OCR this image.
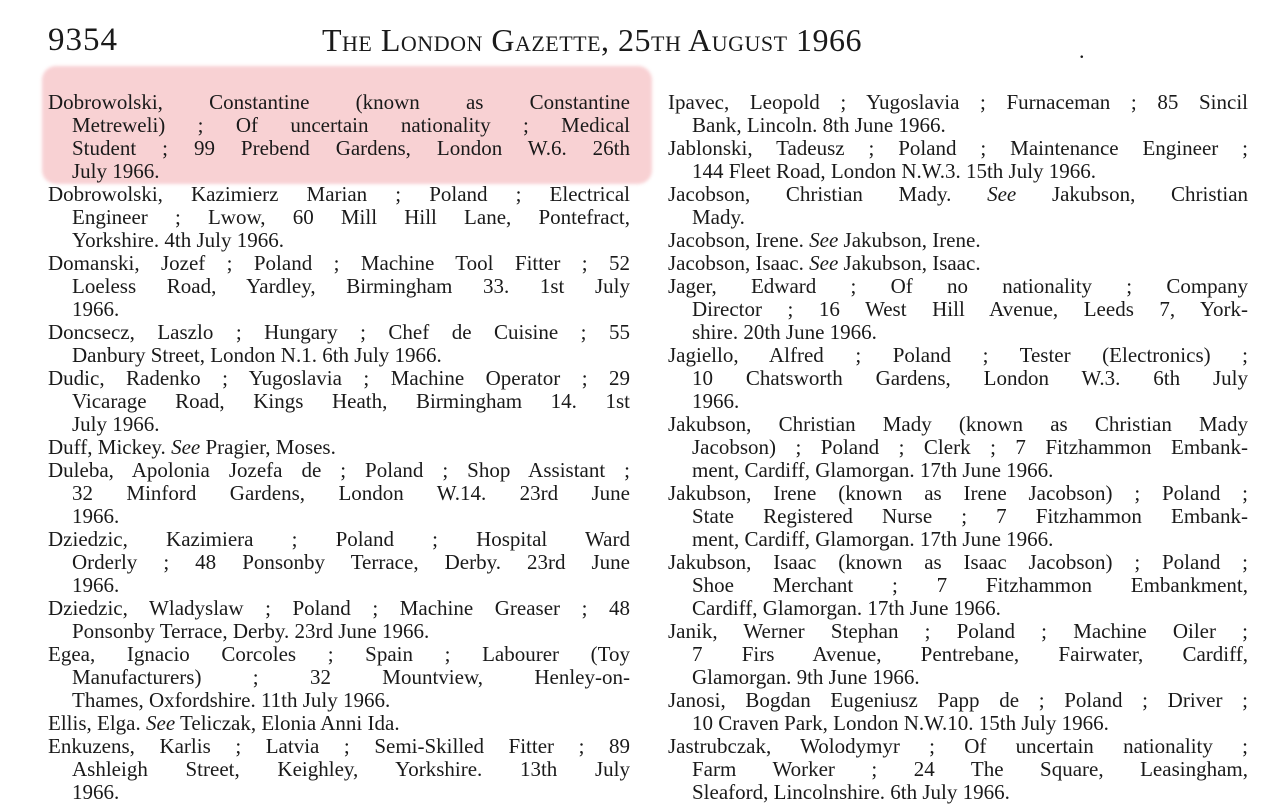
9354	The London Gazette, 25th August 1966	.
Dobrowolski, Constantine (known as Constantine
Metreweli) ; Of uncertain nationality ; Medical
Student ; 99 Prebend Gardens, London W.6. 26th
July 1966.
Dobrowolski, Kazimierz Marian ; Poland ; Electrical
Engineer ; Lwow, 60 Mill Hill Lane, Pontefract,
Yorkshire. 4th July 1966.
Domanski, Jozef ; Poland ; Machine Tool Fitter ; 52
Loeless Road, Yardley, Birmingham 33. 1st July
1966.
Doncsecz, Laszlo ; Hungary ; Chef de Cuisine ; 55
Danbury Street, London N.1. 6th July 1966.
Dudic, Radenko ; Yugoslavia ; Machine Operator ; 29
Vicarage Road, Kings Heath, Birmingham 14. 1st
July 1966.
Duff, Mickey. See Pragier, Moses.
Duleba, Apolonia Jozefa de ; Poland ; Shop Assistant ;
32 Minford Gardens, London W.14. 23rd June
1966.
Dziedzic, Kazimiera ; Poland ; Hospital Ward
Orderly ; 48 Ponsonby Terrace, Derby. 23rd June
1966.
Dziedzic, Wladyslaw ; Poland ; Machine Greaser ; 48
Ponsonby Terrace, Derby. 23rd June 1966.
Egea, Ignacio Corcoles ; Spain ; Labourer (Toy
Manufacturers) ; 32 Mountview, Henley-on-
Thames, Oxfordshire. 11th July 1966.
Ellis, Elga. See Teliczak, Elonia Anni Ida.
Enkuzens, Karlis ; Latvia ; Semi-Skilled Fitter ; 89
Ashleigh Street, Keighley, Yorkshire. 13th July
1966.
Ipavec, Leopold ; Yugoslavia ; Furnaceman ; 85 Sincil
Bank, Lincoln. 8th June 1966.
Jablonski, Tadeusz ; Poland ; Maintenance Engineer ;
144 Fleet Road, London N.W.3. 15th July 1966.
Jacobson, Christian Mady. See Jakubson, Christian
Mady.
Jacobson, Irene. See Jakubson, Irene.
Jacobson, Isaac. See Jakubson, Isaac.
Jager, Edward ; Of no nationality ; Company
Director ; 16 West Hill Avenue, Leeds 7, York-
shire. 20th June 1966.
Jagiello, Alfred ; Poland ; Tester (Electronics) ;
10 Chatsworth Gardens, London W.3. 6th July
1966.
Jakubson, Christian Mady (known as Christian Mady
Jacobson) ; Poland ; Clerk ; 7 Fitzhammon Embank-
ment, Cardiff, Glamorgan. 17th June 1966.
Jakubson, Irene (known as Irene Jacobson) ; Poland ;
State Registered Nurse ; 7 Fitzhammon Embank-
ment, Cardiff, Glamorgan. 17th June 1966.
Jakubson, Isaac (known as Isaac Jacobson) ; Poland ;
Shoe Merchant ; 7 Fitzhammon Embankment,
Cardiff, Glamorgan. 17th June 1966.
Janik, Werner Stephan ; Poland ; Machine Oiler ;
7 Firs Avenue, Pentrebane, Fairwater, Cardiff,
Glamorgan. 9th June 1966.
Janosi, Bogdan Eugeniusz Papp de ; Poland ; Driver ;
10 Craven Park, London N.W.10. 15th July 1966.
Jastrubczak, Wolodymyr ; Of uncertain nationality ;
Farm Worker ; 24 The Square, Leasingham,
Sleaford, Lincolnshire. 6th July 1966.
